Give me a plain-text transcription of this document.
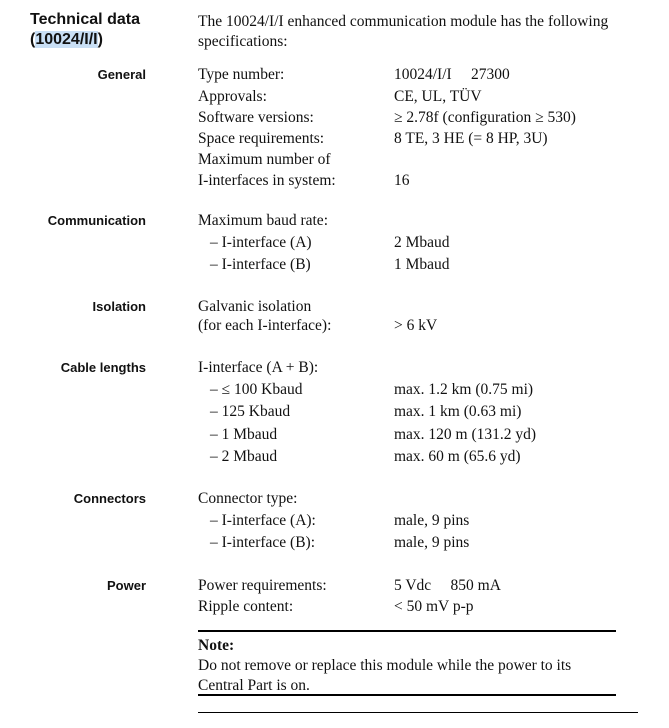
Technical data
(10024/I/I)
The 10024/I/I enhanced communication module has the following specifications:
General	Type number:	10024/I/I  27300
Approvals:	CE, UL, TÜV
Software versions:	≥ 2.78f (configuration ≥ 530)
Space requirements:	8 TE, 3 HE (= 8 HP, 3U)
Maximum number of
I-interfaces in system:	16
Communication	Maximum baud rate:
– I-interface (A)	2 Mbaud
– I-interface (B)	1 Mbaud
Isolation	Galvanic isolation
(for each I-interface):	> 6 kV
Cable lengths	I-interface (A + B):
– ≤ 100 Kbaud	max. 1.2 km (0.75 mi)
– 125 Kbaud	max. 1 km (0.63 mi)
– 1 Mbaud	max. 120 m (131.2 yd)
– 2 Mbaud	max. 60 m (65.6 yd)
Connectors	Connector type:
– I-interface (A):	male, 9 pins
– I-interface (B):	male, 9 pins
Power	Power requirements:	5 Vdc  850 mA
Ripple content:	< 50 mV p-p
Note:
Do not remove or replace this module while the power to its Central Part is on.
